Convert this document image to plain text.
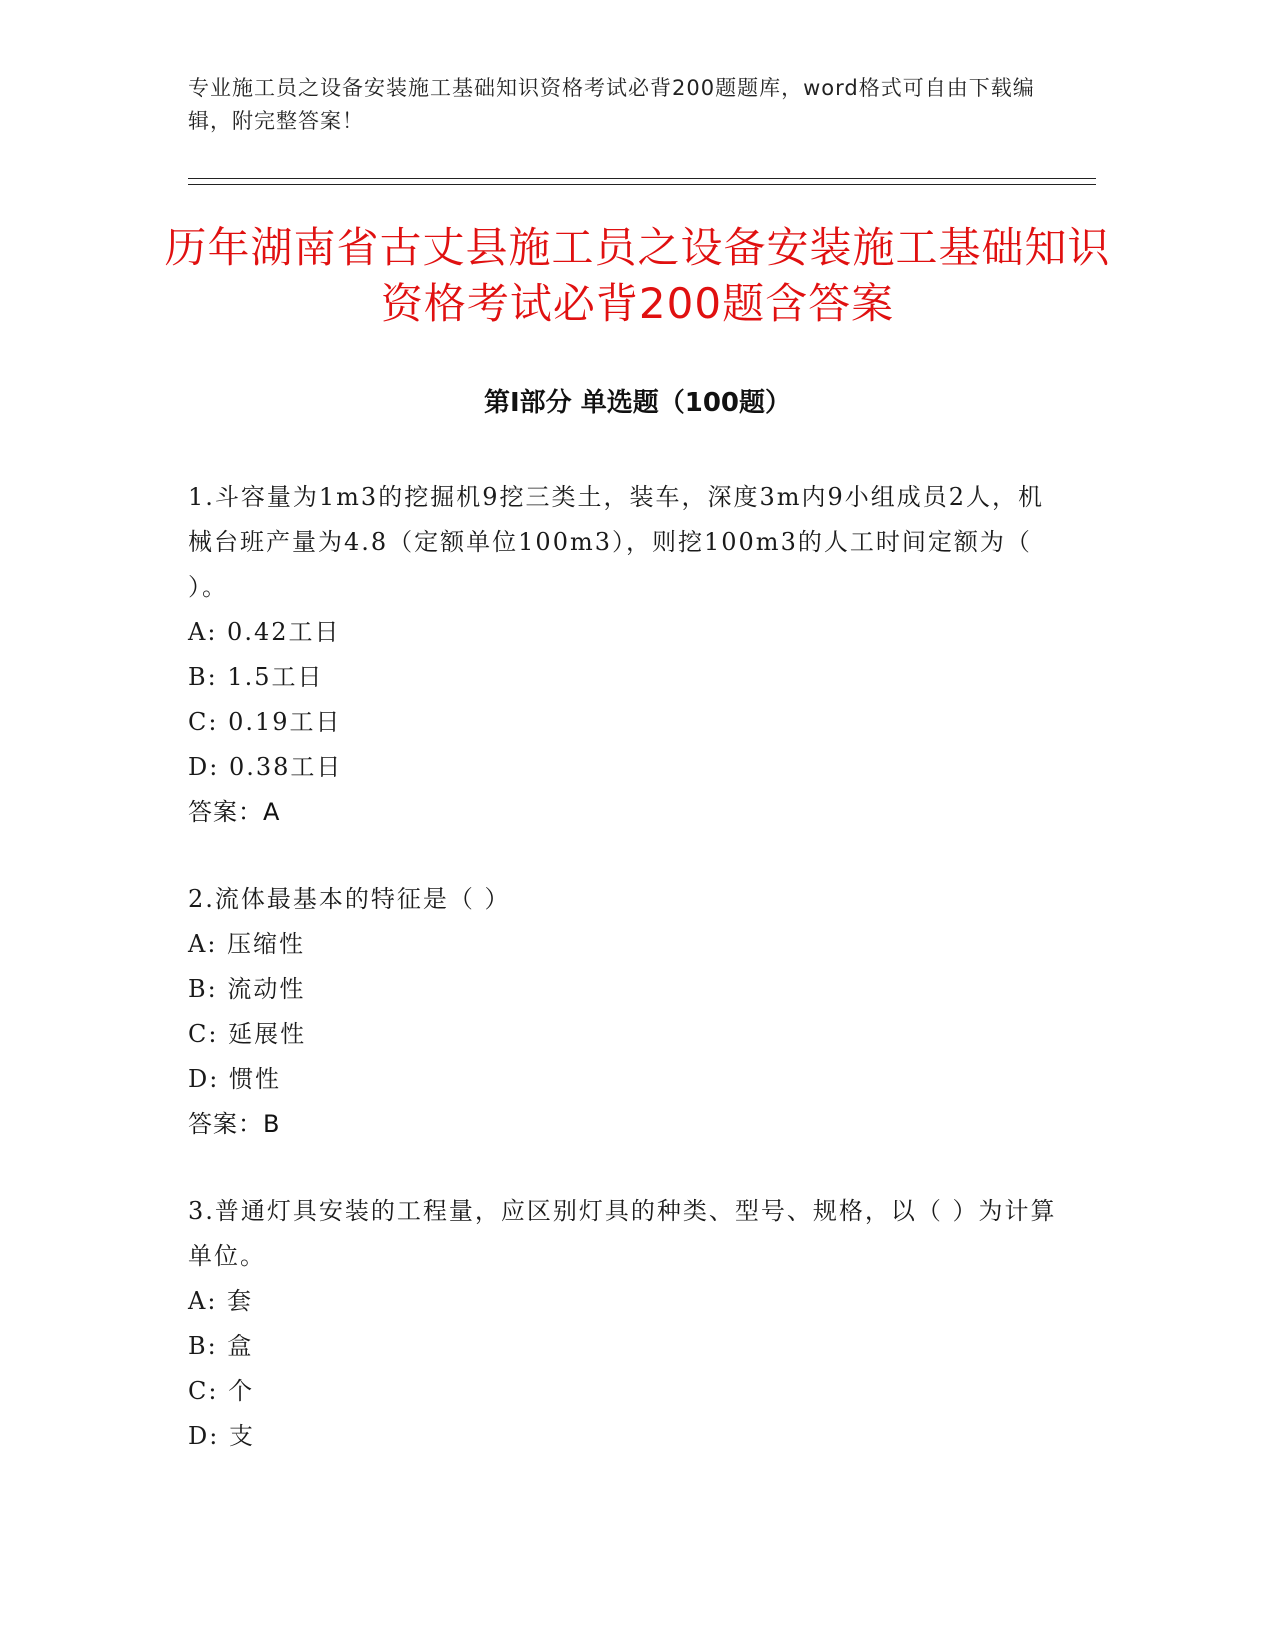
专业施工员之设备安装施工基础知识资格考试必背200题题库，word格式可自由下载编辑，附完整答案！
历年湖南省古丈县施工员之设备安装施工基础知识资格考试必背200题含答案
第Ⅰ部分 单选题（100题）

1.斗容量为1m3的挖掘机9挖三类土，装车，深度3m内9小组成员2人，机械台班产量为4.8（定额单位100m3），则挖100m3的人工时间定额为（ ）。

A: 0.42工日

B: 1.5工日

C: 0.19工日

D: 0.38工日

答案：A

2.流体最基本的特征是（ ）

A: 压缩性

B: 流动性

C: 延展性

D: 惯性

答案：B

3.普通灯具安装的工程量，应区别灯具的种类、型号、规格，以（ ）为计算单位。

A: 套

B: 盒

C: 个

D: 支
